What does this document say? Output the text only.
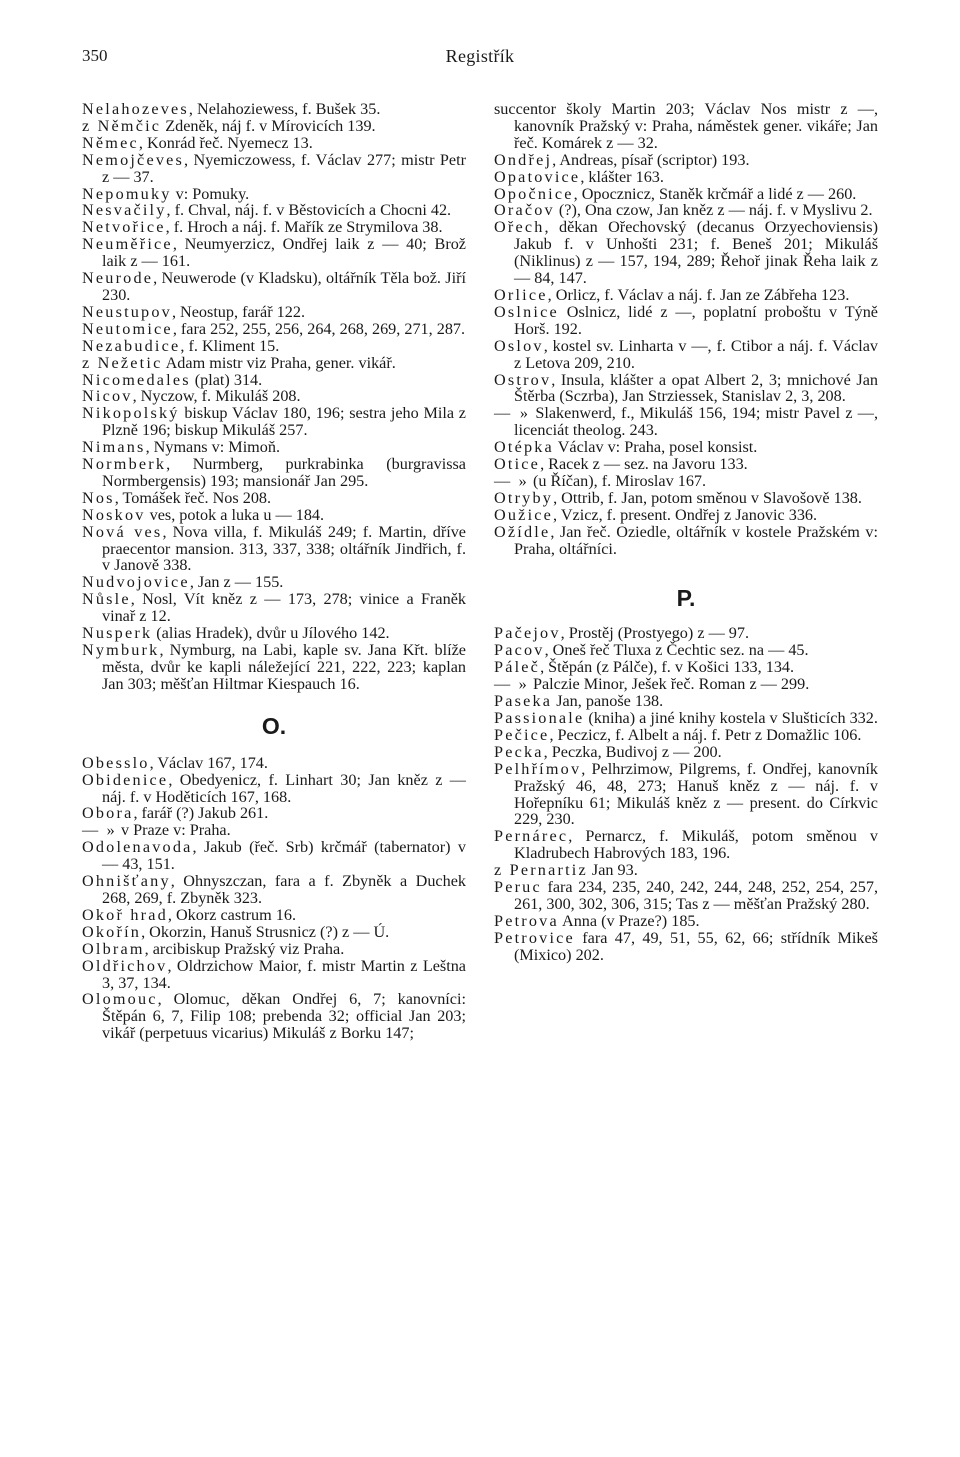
350	Registřík

Nelahozeves, Nelahoziewess, f. Bušek 35.

z Němčic Zdeněk, náj f. v Mírovicích 139.

Němec, Konrád řeč. Nyemecz 13.

Nemojčeves, Nyemiczowess, f. Václav 277; mistr Petr z — 37.

Nepomuky v: Pomuky.

Nesvačily, f. Chval, náj. f. v Běstovicích a Chocni 42.

Netvořice, f. Hroch a náj. f. Mařík ze Strymilova 38.

Neuměřice, Neumyerzicz, Ondřej laik z — 40; Brož laik z — 161.

Neurode, Neuwerode (v Kladsku), oltářník Těla bož. Jiří 230.

Neustupov, Neostup, farář 122.

Neutomice, fara 252, 255, 256, 264, 268, 269, 271, 287.

Nezabudice, f. Kliment 15.

z Nežetic Adam mistr viz Praha, gener. vikář.

Nicomedales (plat) 314.

Nicov, Nyczow, f. Mikuláš 208.

Nikopolský biskup Václav 180, 196; sestra jeho Mila z Plzně 196; biskup Mikuláš 257.

Nimans, Nymans v: Mimoň.

Normberk, Nurmberg, purkrabinka (burgravissa Normbergensis) 193; mansionář Jan 295.

Nos, Tomášek řeč. Nos 208.

Noskov ves, potok a luka u — 184.

Nová ves, Nova villa, f. Mikuláš 249; f. Martin, dříve praecentor mansion. 313, 337, 338; oltářník Jindřich, f. v Janově 338.

Nudvojovice, Jan z — 155.

Nůsle, Nosl, Vít kněz z — 173, 278; vinice a Franěk vinař z 12.

Nusperk (alias Hradek), dvůr u Jílového 142.

Nymburk, Nymburg, na Labi, kaple sv. Jana Křt. blíže města, dvůr ke kapli náležející 221, 222, 223; kaplan Jan 303; měšťan Hiltmar Kiespauch 16.

O.

Obesslo, Václav 167, 174.

Obidenice, Obedyenicz, f. Linhart 30; Jan kněz z — náj. f. v Hoděticích 167, 168.

Obora, farář (?) Jakub 261.

— » v Praze v: Praha.

Odolenavoda, Jakub (řeč. Srb) krčmář (tabernator) v — 43, 151.

Ohnišťany, Ohnyszczan, fara a f. Zbyněk a Duchek 268, 269, f. Zbyněk 323.

Okoř hrad, Okorz castrum 16.

Okořín, Okorzin, Hanuš Strusnicz (?) z — Ú.

Olbram, arcibiskup Pražský viz Praha.

Oldřichov, Oldrzichow Maior, f. mistr Martin z Leštna 3, 37, 134.

Olomouc, Olomuc, děkan Ondřej 6, 7; kanovníci: Štěpán 6, 7, Filip 108; prebenda 32; official Jan 203; vikář (perpetuus vicarius) Mikuláš z Borku 147;

succentor školy Martin 203; Václav Nos mistr z —, kanovník Pražský v: Praha, náměstek gener. vikáře; Jan řeč. Komárek z — 32.

Ondřej, Andreas, písař (scriptor) 193.

Opatovice, klášter 163.

Opočnice, Opocznicz, Staněk krčmář a lidé z — 260.

Oračov (?), Ona czow, Jan kněz z — náj. f. v Myslivu 2.

Ořech, děkan Ořechovský (decanus Orzyechoviensis) Jakub f. v Unhošti 231; f. Beneš 201; Mikuláš (Niklinus) z — 157, 194, 289; Řehoř jinak Řeha laik z — 84, 147.

Orlice, Orlicz, f. Václav a náj. f. Jan ze Zábřeha 123.

Oslnice Oslnicz, lidé z —, poplatní proboštu v Týně Horš. 192.

Oslov, kostel sv. Linharta v —, f. Ctibor a náj. f. Václav z Letova 209, 210.

Ostrov, Insula, klášter a opat Albert 2, 3; mnichové Jan Štěrba (Sczrba), Jan Strziessek, Stanislav 2, 3, 208.

— » Slakenwerd, f., Mikuláš 156, 194; mistr Pavel z —, licenciát theolog. 243.

Otépka Václav v: Praha, posel konsist.

Otice, Racek z — sez. na Javoru 133.

— » (u Říčan), f. Miroslav 167.

Otryby, Ottrib, f. Jan, potom směnou v Slavošově 138.

Oužice, Vzicz, f. present. Ondřej z Janovic 336.

Ožídle, Jan řeč. Oziedle, oltářník v kostele Pražském v: Praha, oltářníci.

P.

Pačejov, Prostěj (Prostyego) z — 97.

Pacov, Oneš řeč Tluxa z Čechtic sez. na — 45.

Páleč, Štěpán (z Pálče), f. v Košici 133, 134.

— » Palczie Minor, Ješek řeč. Roman z — 299.

Paseka Jan, panoše 138.

Passionale (kniha) a jiné knihy kostela v Slušticích 332.

Pečice, Peczicz, f. Albelt a náj. f. Petr z Domažlic 106.

Pecka, Peczka, Budivoj z — 200.

Pelhřímov, Pelhrzimow, Pilgrems, f. Ondřej, kanovník Pražský 46, 48, 273; Hanuš kněz z — náj. f. v Hořepníku 61; Mikuláš kněz z — present. do Církvic 229, 230.

Pernárec, Pernarcz, f. Mikuláš, potom směnou v Kladrubech Habrových 183, 196.

z Pernartiz Jan 93.

Peruc fara 234, 235, 240, 242, 244, 248, 252, 254, 257, 261, 300, 302, 306, 315; Tas z — měšťan Pražský 280.

Petrova Anna (v Praze?) 185.

Petrovice fara 47, 49, 51, 55, 62, 66; střídník Mikeš (Mixico) 202.
